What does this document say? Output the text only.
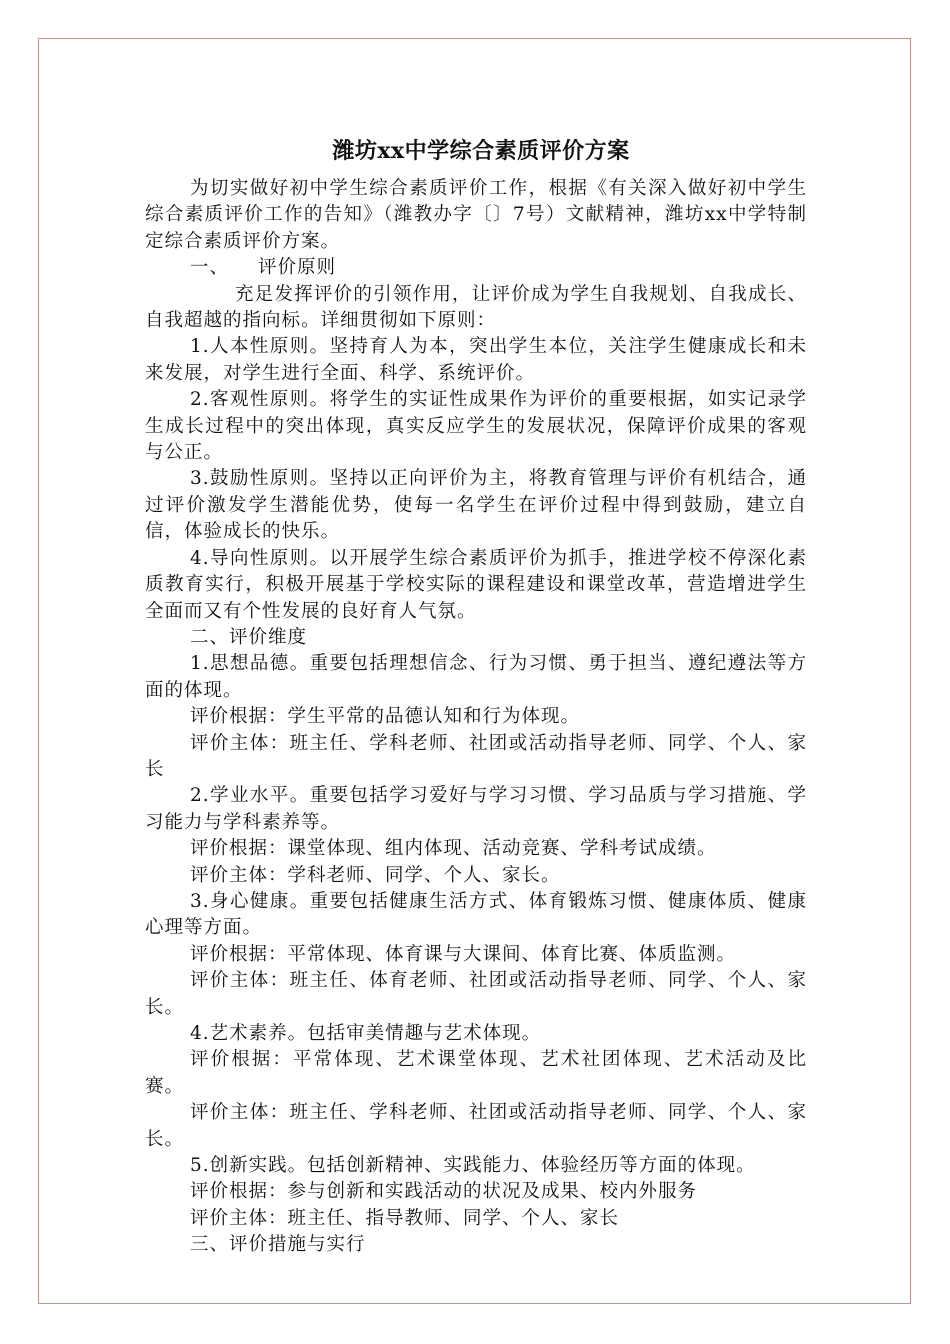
潍坊xx中学综合素质评价方案

为切实做好初中学生综合素质评价工作，根据《有关深入做好初中学生综合素质评价工作的告知》（潍教办字〔〕7号）文献精神，潍坊xx中学特制定综合素质评价方案。

一、 评价原则

充足发挥评价的引领作用，让评价成为学生自我规划、自我成长、自我超越的指向标。详细贯彻如下原则：

1.人本性原则。坚持育人为本，突出学生本位，关注学生健康成长和未来发展，对学生进行全面、科学、系统评价。

2.客观性原则。将学生的实证性成果作为评价的重要根据，如实记录学生成长过程中的突出体现，真实反应学生的发展状况，保障评价成果的客观与公正。

3.鼓励性原则。坚持以正向评价为主，将教育管理与评价有机结合，通过评价激发学生潜能优势，使每一名学生在评价过程中得到鼓励，建立自信，体验成长的快乐。

4.导向性原则。以开展学生综合素质评价为抓手，推进学校不停深化素质教育实行，积极开展基于学校实际的课程建设和课堂改革，营造增进学生全面而又有个性发展的良好育人气氛。

二、评价维度

1.思想品德。重要包括理想信念、行为习惯、勇于担当、遵纪遵法等方面的体现。

评价根据：学生平常的品德认知和行为体现。

评价主体：班主任、学科老师、社团或活动指导老师、同学、个人、家长

2.学业水平。重要包括学习爱好与学习习惯、学习品质与学习措施、学习能力与学科素养等。

评价根据：课堂体现、组内体现、活动竞赛、学科考试成绩。

评价主体：学科老师、同学、个人、家长。

3.身心健康。重要包括健康生活方式、体育锻炼习惯、健康体质、健康心理等方面。

评价根据：平常体现、体育课与大课间、体育比赛、体质监测。

评价主体：班主任、体育老师、社团或活动指导老师、同学、个人、家长。

4.艺术素养。包括审美情趣与艺术体现。

评价根据：平常体现、艺术课堂体现、艺术社团体现、艺术活动及比赛。

评价主体：班主任、学科老师、社团或活动指导老师、同学、个人、家长。

5.创新实践。包括创新精神、实践能力、体验经历等方面的体现。

评价根据：参与创新和实践活动的状况及成果、校内外服务

评价主体：班主任、指导教师、同学、个人、家长

三、评价措施与实行
